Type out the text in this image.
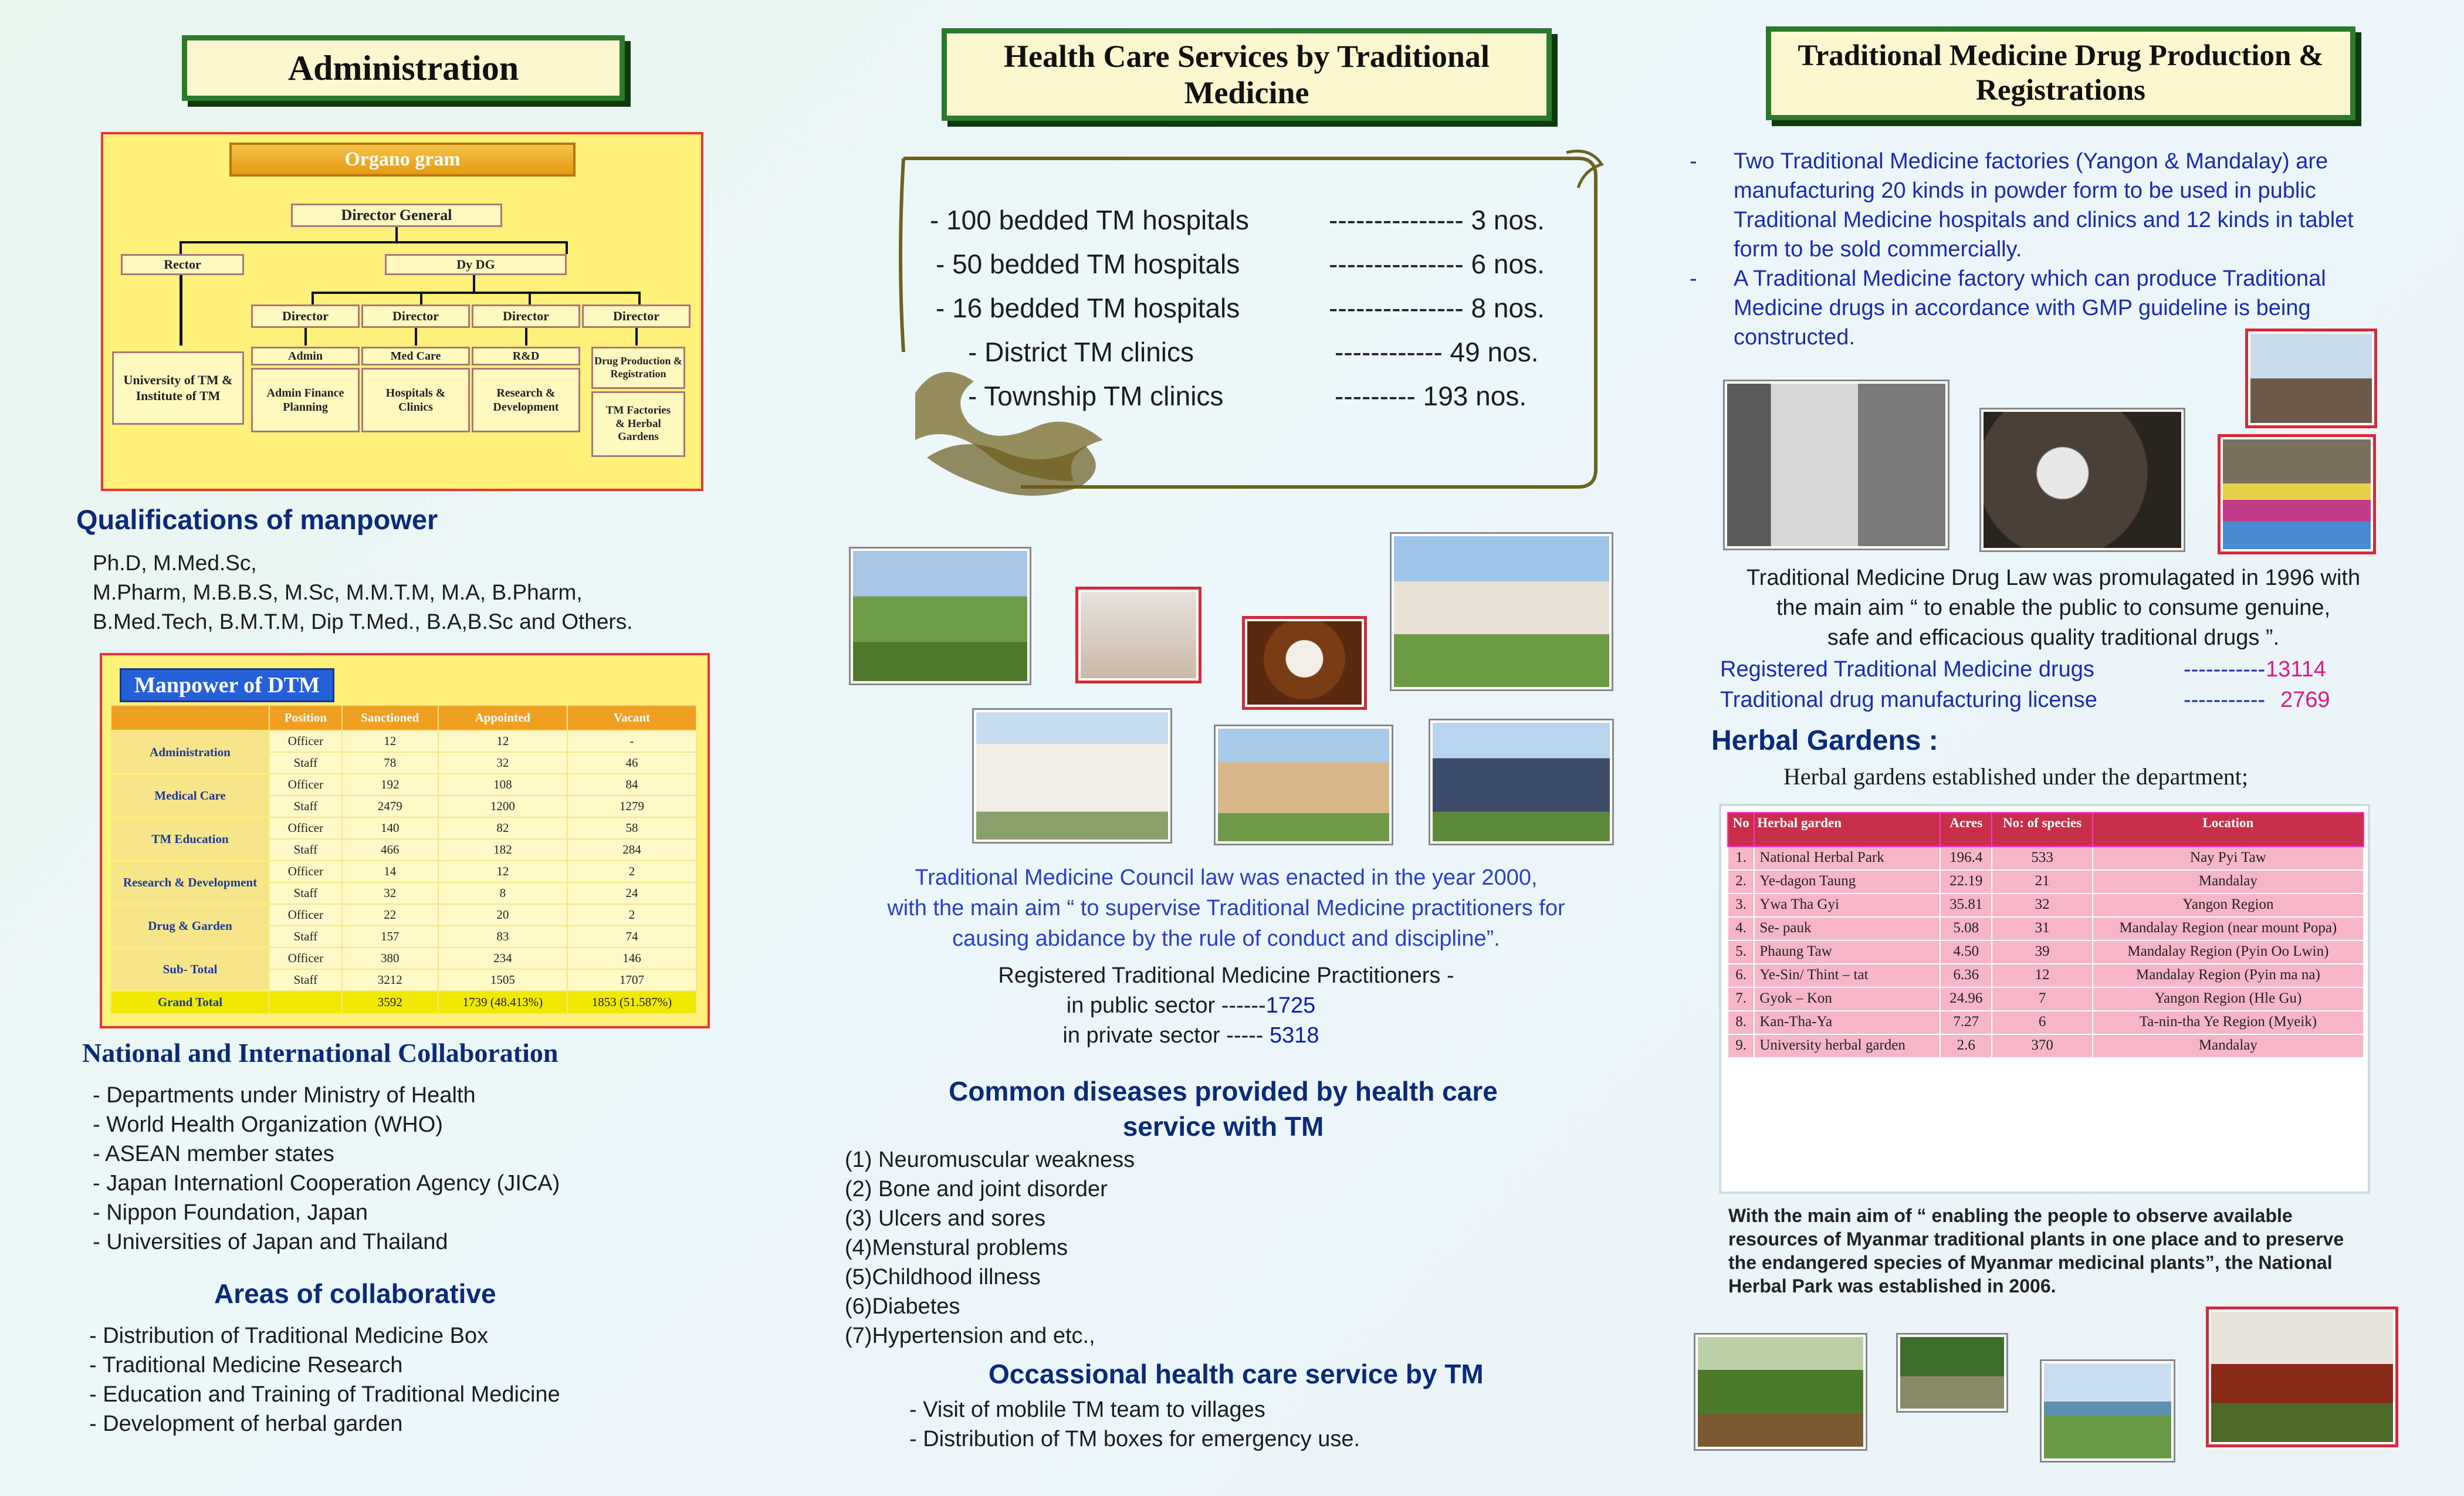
Administration
Organo gram
Director General
Rector	Dy DG
University of TM & Institute of TM
Director	Director	Director	Director
Admin	Med Care	R&D	Drug Production & Registration
Admin Finance Planning
Hospitals & Clinics
Research & Development	TM Factories & Herbal Gardens
Qualifications of manpower
Ph.D, M.Med.Sc,
M.Pharm, M.B.B.S, M.Sc, M.M.T.M, M.A, B.Pharm,
B.Med.Tech, B.M.T.M, Dip T.Med., B.A,B.Sc and Others.
Manpower of DTM
	Position	Sanctioned	Appointed	Vacant
Administration	Officer	12	12	-
	Staff	78	32	46
Medical Care	Officer	192	108	84
	Staff	2479	1200	1279
TM Education	Officer	140	82	58
	Staff	466	182	284
Research & Development	Officer	14	12	2
	Staff	32	8	24
Drug & Garden	Officer	22	20	2
	Staff	157	83	74
Sub- Total	Officer	380	234	146
	Staff	3212	1505	1707
Grand Total		3592	1739 (48.413%)	1853 (51.587%)
National and International Collaboration
- Departments under Ministry of Health
- World Health Organization (WHO)
- ASEAN member states
- Japan Internationl Cooperation Agency (JICA)
- Nippon Foundation, Japan
- Universities of Japan and Thailand
Areas of collaborative
- Distribution of Traditional Medicine Box
- Traditional Medicine Research
- Education and Training of Traditional Medicine
- Development of herbal garden
Health Care Services by Traditional Medicine
- 100 bedded TM hospitals	--------------- 3 nos.
- 50 bedded TM hospitals	--------------- 6 nos.
- 16 bedded TM hospitals	--------------- 8 nos.
- District TM clinics	------------ 49 nos.
- Township TM clinics	--------- 193 nos.
Traditional Medicine Council law was enacted in the year 2000,
with the main aim “ to supervise Traditional Medicine practitioners for
causing abidance by the rule of conduct and discipline”.
Registered Traditional Medicine Practitioners -
in public sector ------1725
in private sector ----- 5318
Common diseases provided by health care service with TM
(1) Neuromuscular weakness
(2) Bone and joint disorder
(3) Ulcers and sores
(4)Menstural problems
(5)Childhood illness
(6)Diabetes
(7)Hypertension and etc.,
Occassional health care service by TM
- Visit of moblile TM team to villages
- Distribution of TM boxes for emergency use.
Traditional Medicine Drug Production & Registrations
-	Two Traditional Medicine factories (Yangon & Mandalay) are manufacturing 20 kinds in powder form to be used in public Traditional Medicine hospitals and clinics and 12 kinds in tablet form to be sold commercially.
-	A Traditional Medicine factory which can produce Traditional Medicine drugs in accordance with GMP guideline is being constructed.
Traditional Medicine Drug Law was promulagated in 1996 with
the main aim “ to enable the public to consume genuine,
safe and efficacious quality traditional drugs ”.
Registered Traditional Medicine drugs	----------- 13114
Traditional drug manufacturing license	----------- 2769
Herbal Gardens :
Herbal gardens established under the department;
No	Herbal garden	Acres	No: of species	Location
1.	National Herbal Park	196.4	533	Nay Pyi Taw
2.	Ye-dagon Taung	22.19	21	Mandalay
3.	Ywa Tha Gyi	35.81	32	Yangon Region
4.	Se- pauk	5.08	31	Mandalay Region (near mount Popa)
5.	Phaung Taw	4.50	39	Mandalay Region (Pyin Oo Lwin)
6.	Ye-Sin/ Thint – tat	6.36	12	Mandalay Region (Pyin ma na)
7.	Gyok – Kon	24.96	7	Yangon Region (Hle Gu)
8.	Kan-Tha-Ya	7.27	6	Ta-nin-tha Ye Region (Myeik)
9.	University herbal garden	2.6	370	Mandalay
With the main aim of “ enabling the people to observe available
resources of Myanmar traditional plants in one place and to preserve
the endangered species of Myanmar medicinal plants”, the National
Herbal Park was established in 2006.
